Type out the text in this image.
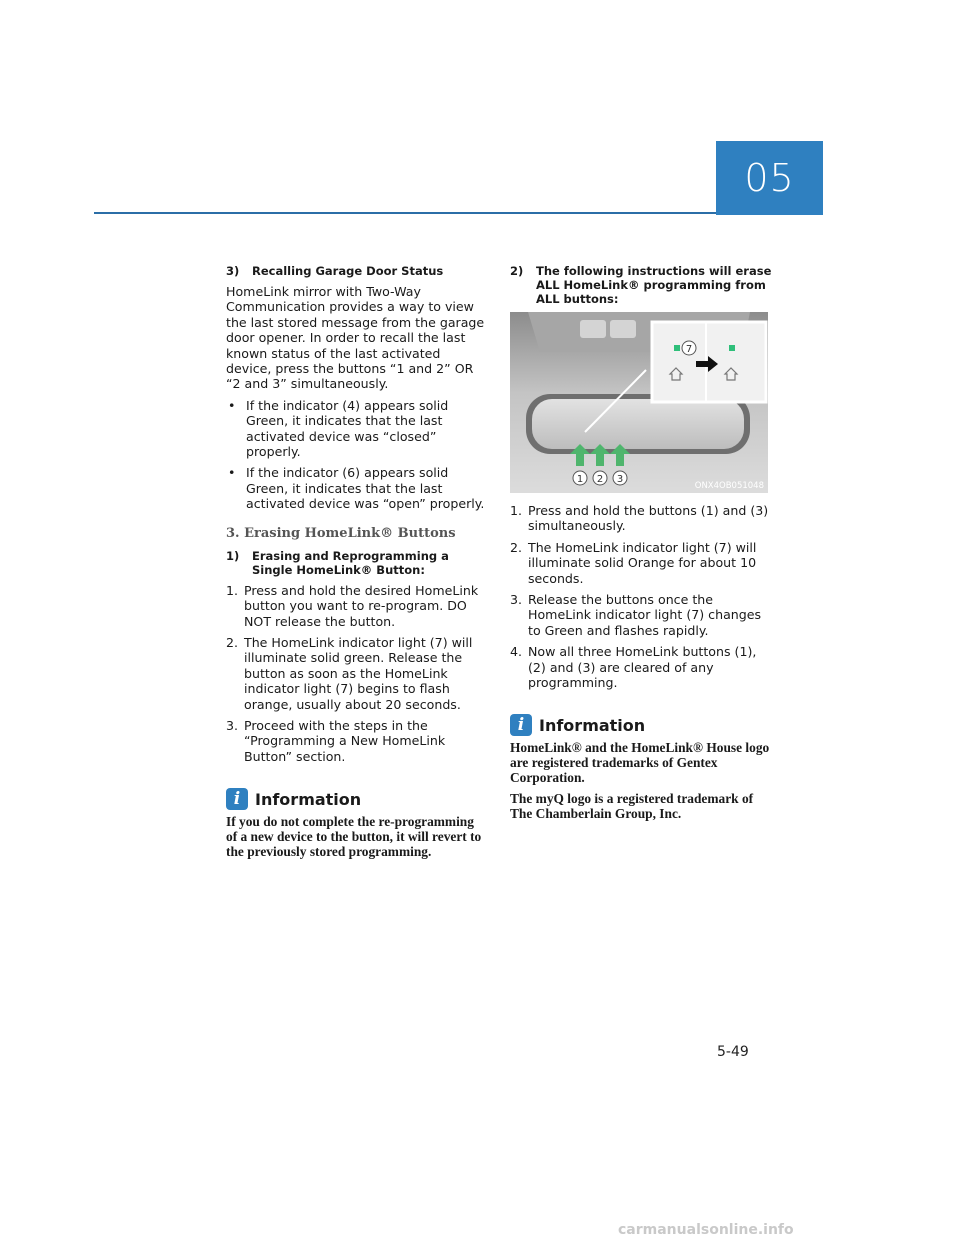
05
3)	Recalling Garage Door Status

HomeLink mirror with Two-Way Communication provides a way to view the last stored message from the garage door opener. In order to recall the last known status of the last activated device, press the buttons “1 and 2” OR “2 and 3” simultaneously.

• If the indicator (4) appears solid Green, it indicates that the last activated device was “closed” properly.
• If the indicator (6) appears solid Green, it indicates that the last activated device was “open” properly.
3. Erasing HomeLink® Buttons
1)	Erasing and Reprogramming a Single HomeLink® Button:
1. Press and hold the desired HomeLink button you want to re-program. DO NOT release the button.
2. The HomeLink indicator light (7) will illuminate solid green. Release the button as soon as the HomeLink indicator light (7) begins to flash orange, usually about 20 seconds.
3. Proceed with the steps in the “Programming a New HomeLink Button” section.
i Information

If you do not complete the re-programming of a new device to the button, it will revert to the previously stored programming.

2)	The following instructions will erase ALL HomeLink® programming from ALL buttons:
7
1 2 3
ONX4OB051048
1. Press and hold the buttons (1) and (3) simultaneously.
2. The HomeLink indicator light (7) will illuminate solid Orange for about 10 seconds.
3. Release the buttons once the HomeLink indicator light (7) changes to Green and flashes rapidly.
4. Now all three HomeLink buttons (1), (2) and (3) are cleared of any programming.
i Information

HomeLink® and the HomeLink® House logo are registered trademarks of Gentex Corporation.

The myQ logo is a registered trademark of The Chamberlain Group, Inc.

5-49
carmanualsonline.info
